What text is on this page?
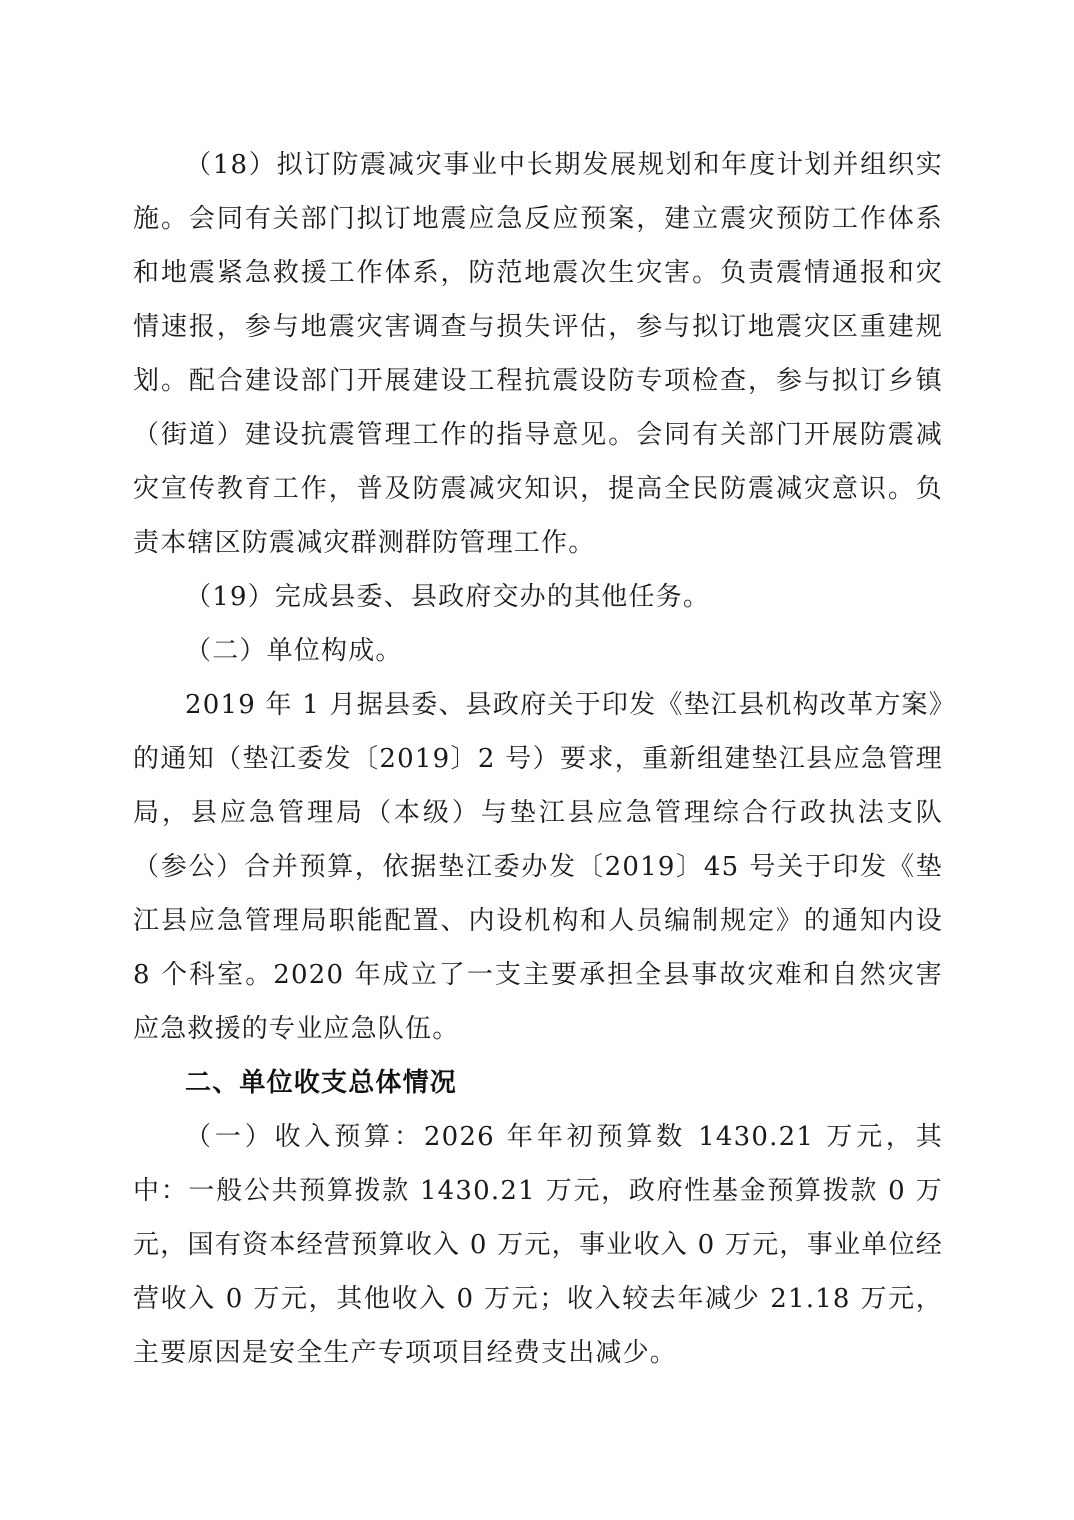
（18）拟订防震减灾事业中长期发展规划和年度计划并组织实施。会同有关部门拟订地震应急反应预案，建立震灾预防工作体系和地震紧急救援工作体系，防范地震次生灾害。负责震情通报和灾情速报，参与地震灾害调查与损失评估，参与拟订地震灾区重建规划。配合建设部门开展建设工程抗震设防专项检查，参与拟订乡镇（街道）建设抗震管理工作的指导意见。会同有关部门开展防震减灾宣传教育工作，普及防震减灾知识，提高全民防震减灾意识。负责本辖区防震减灾群测群防管理工作。

（19）完成县委、县政府交办的其他任务。

（二）单位构成。

2019 年 1 月据县委、县政府关于印发《垫江县机构改革方案》的通知（垫江委发〔2019〕2 号）要求，重新组建垫江县应急管理局，县应急管理局（本级）与垫江县应急管理综合行政执法支队（参公）合并预算，依据垫江委办发〔2019〕45 号关于印发《垫江县应急管理局职能配置、内设机构和人员编制规定》的通知内设 8 个科室。2020 年成立了一支主要承担全县事故灾难和自然灾害应急救援的专业应急队伍。

二、单位收支总体情况

（一）收入预算：2026 年年初预算数 1430.21 万元，其中：一般公共预算拨款 1430.21 万元，政府性基金预算拨款 0 万元，国有资本经营预算收入 0 万元，事业收入 0 万元，事业单位经营收入 0 万元，其他收入 0 万元；收入较去年减少 21.18 万元，主要原因是安全生产专项项目经费支出减少。
